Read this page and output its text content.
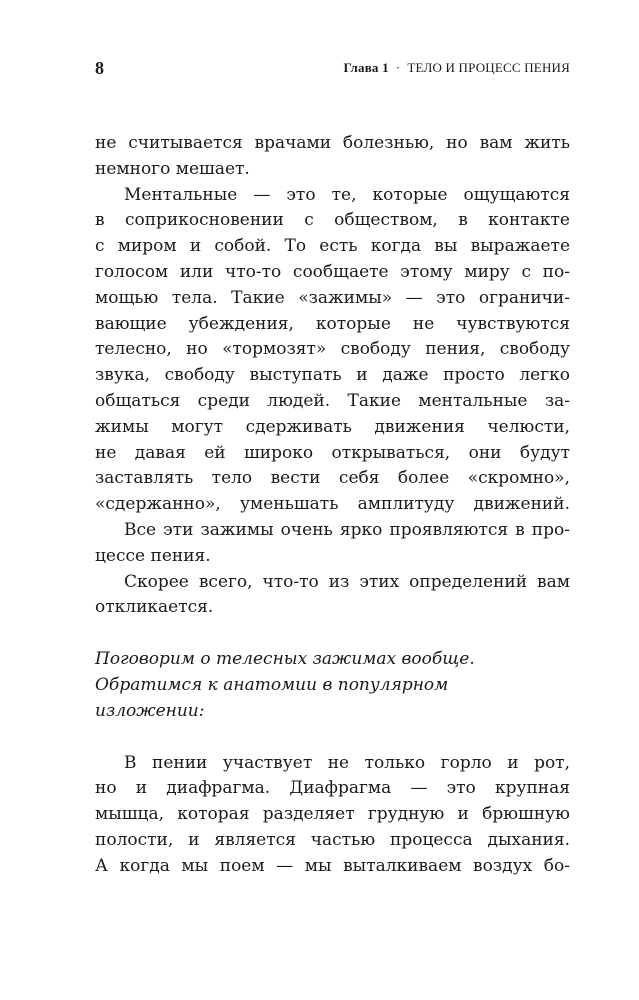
8	Глава 1 · ТЕЛО И ПРОЦЕСС ПЕНИЯ
не считывается врачами болезнью, но вам жить
немного мешает.
Ментальные — это те, которые ощущаются
в соприкосновении с обществом, в контакте
с миром и собой. То есть когда вы выражаете
голосом или что-то сообщаете этому миру с по-
мощью тела. Такие «зажимы» — это ограничи-
вающие убеждения, которые не чувствуются
телесно, но «тормозят» свободу пения, свободу
звука, свободу выступать и даже просто легко
общаться среди людей. Такие ментальные за-
жимы могут сдерживать движения челюсти,
не давая ей широко открываться, они будут
заставлять тело вести себя более «скромно»,
«сдержанно», уменьшать амплитуду движений.
Все эти зажимы очень ярко проявляются в про-
цессе пения.
Скорее всего, что-то из этих определений вам
откликается.
Поговорим о телесных зажимах вообще.
Обратимся к анатомии в популярном
изложении:
В пении участвует не только горло и рот,
но и диафрагма. Диафрагма — это крупная
мышца, которая разделяет грудную и брюшную
полости, и является частью процесса дыхания.
А когда мы поем — мы выталкиваем воздух бо-
